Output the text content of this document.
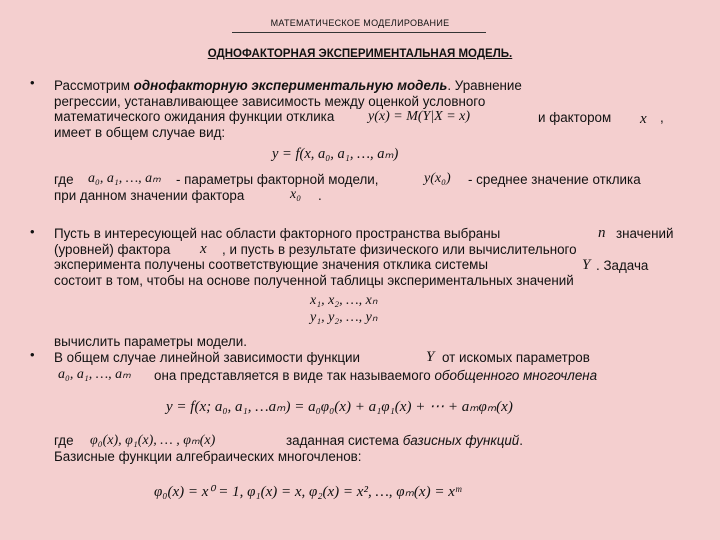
МАТЕМАТИЧЕСКОЕ МОДЕЛИРОВАНИЕ
ОДНОФАКТОРНАЯ ЭКСПЕРИМЕНТАЛЬНАЯ МОДЕЛЬ.
• Рассмотрим однофакторную экспериментальную модель. Уравнение
регрессии, устанавливающее зависимость между оценкой условного
математического ожидания функции отклика
имеет в общем случае вид:
y(x) = M(Y|X = x)	и фактором x ,
y = f(x, a₀, a₁, …, aₘ)
где a₀, a₁, …, aₘ - параметры факторной модели,	y(x₀) - среднее значение отклика
при данном значении фактора	x₀ .
• Пусть в интересующей нас области факторного пространства выбраны
(уровней) фактора
эксперимента получены соответствующие значения отклика системы
состоит в том, чтобы на основе полученной таблицы экспериментальных значений
n значений
x , и пусть в результате физического или вычислительного
Y . Задача
x₁, x₂, …, xₙ
y₁, y₂, …, yₙ
вычислить параметры модели.
• В общем случае линейной зависимости функции	Y от искомых параметров
a₀, a₁, …, aₘ она представляется в виде так называемого обобщенного многочлена
y = f(x; a₀, a₁, …aₘ) = a₀φ₀(x) + a₁φ₁(x) + ⋯ + aₘφₘ(x)
где φ₀(x), φ₁(x), … , φₘ(x)	заданная система базисных функций.
Базисные функции алгебраических многочленов:
φ₀(x) = x⁰ = 1, φ₁(x) = x, φ₂(x) = x², …, φₘ(x) = xᵐ
